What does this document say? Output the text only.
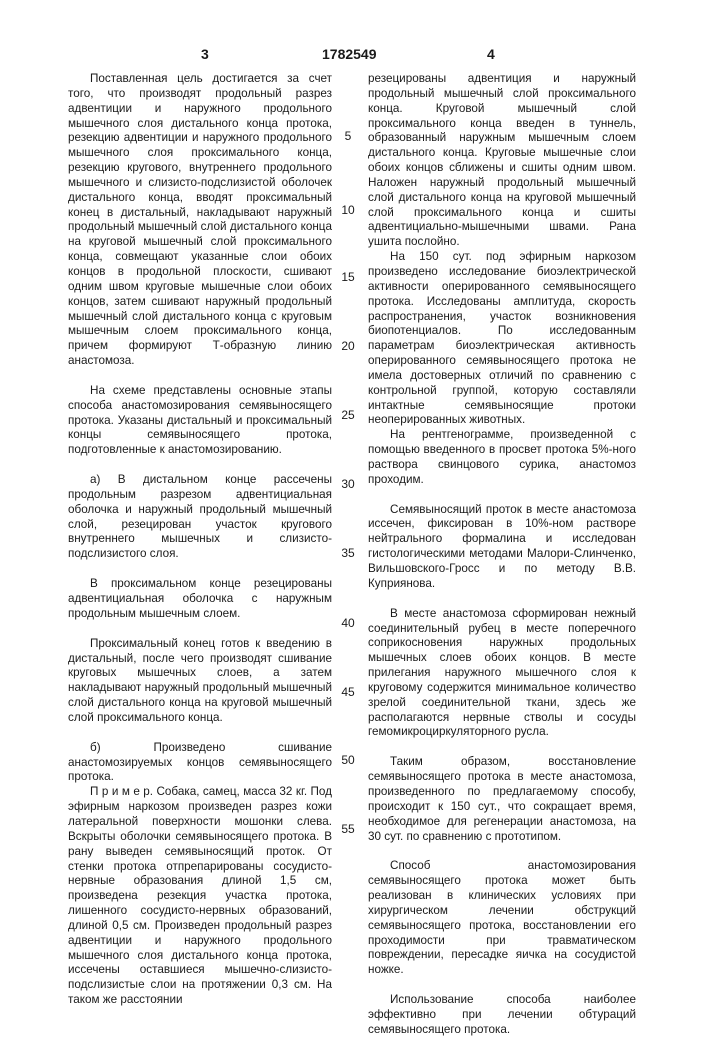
3	1782549	4

Поставленная цель достигается за счет того, что производят продольный разрез адвентиции и наружного продольного мышечного слоя дистального конца протока, резекцию адвентиции и наружного продольного мышечного слоя проксимального конца, резекцию кругового, внутреннего продольного мышечного и слизисто-подслизистой оболочек дистального конца, вводят проксимальный конец в дистальный, накладывают наружный продольный мышечный слой дистального конца на круговой мышечный слой проксимального конца, совмещают указанные слои обоих концов в продольной плоскости, сшивают одним швом круговые мышечные слои обоих концов, затем сшивают наружный продольный мышечный слой дистального конца с круговым мышечным слоем проксимального конца, причем формируют Т-образную линию анастомоза.

На схеме представлены основные этапы способа анастомозирования семявыносящего протока. Указаны дистальный и проксимальный концы семявыносящего протока, подготовленные к анастомозированию.

а) В дистальном конце рассечены продольным разрезом адвентициальная оболочка и наружный продольный мышечный слой, резецирован участок кругового внутреннего мышечных и слизисто-подслизистого слоя.

В проксимальном конце резецированы адвентициальная оболочка с наружным продольным мышечным слоем.

Проксимальный конец готов к введению в дистальный, после чего производят сшивание круговых мышечных слоев, а затем накладывают наружный продольный мышечный слой дистального конца на круговой мышечный слой проксимального конца.

б) Произведено сшивание анастомозируемых концов семявыносящего протока.

П р и м е р. Собака, самец, масса 32 кг. Под эфирным наркозом произведен разрез кожи латеральной поверхности мошонки слева. Вскрыты оболочки семявыносящего протока. В рану выведен семявыносящий проток. От стенки протока отпрепарированы сосудисто-нервные образования длиной 1,5 см, произведена резекция участка протока, лишенного сосудисто-нервных образований, длиной 0,5 см. Произведен продольный разрез адвентиции и наружного продольного мышечного слоя дистального конца протока, иссечены оставшиеся мышечно-слизисто-подслизистые слои на протяжении 0,3 см. На таком же расстоянии

5
10
15
20
25
30
35
40
45
50
55

резецированы адвентиция и наружный продольный мышечный слой проксимального конца. Круговой мышечный слой проксимального конца введен в туннель, образованный наружным мышечным слоем дистального конца. Круговые мышечные слои обоих концов сближены и сшиты одним швом. Наложен наружный продольный мышечный слой дистального конца на круговой мышечный слой проксимального конца и сшиты адвентициально-мышечными швами. Рана ушита послойно.

На 150 сут. под эфирным наркозом произведено исследование биоэлектрической активности оперированного семявыносящего протока. Исследованы амплитуда, скорость распространения, участок возникновения биопотенциалов. По исследованным параметрам биоэлектрическая активность оперированного семявыносящего протока не имела достоверных отличий по сравнению с контрольной группой, которую составляли интактные семявыносящие протоки неоперированных животных.

На рентгенограмме, произведенной с помощью введенного в просвет протока 5%-ного раствора свинцового сурика, анастомоз проходим.

Семявыносящий проток в месте анастомоза иссечен, фиксирован в 10%-ном растворе нейтрального формалина и исследован гистологическими методами Малори-Слинченко, Вильшовского-Гросс и по методу В.В. Куприянова.

В месте анастомоза сформирован нежный соединительный рубец в месте поперечного соприкосновения наружных продольных мышечных слоев обоих концов. В месте прилегания наружного мышечного слоя к круговому содержится минимальное количество зрелой соединительной ткани, здесь же располагаются нервные стволы и сосуды гемомикроциркуляторного русла.

Таким образом, восстановление семявыносящего протока в месте анастомоза, произведенного по предлагаемому способу, происходит к 150 сут., что сокращает время, необходимое для регенерации анастомоза, на 30 сут. по сравнению с прототипом.

Способ анастомозирования семявыносящего протока может быть реализован в клинических условиях при хирургическом лечении обструкций семявыносящего протока, восстановлении его проходимости при травматическом повреждении, пересадке яичка на сосудистой ножке.

Использование способа наиболее эффективно при лечении обтураций семявыносящего протока.
